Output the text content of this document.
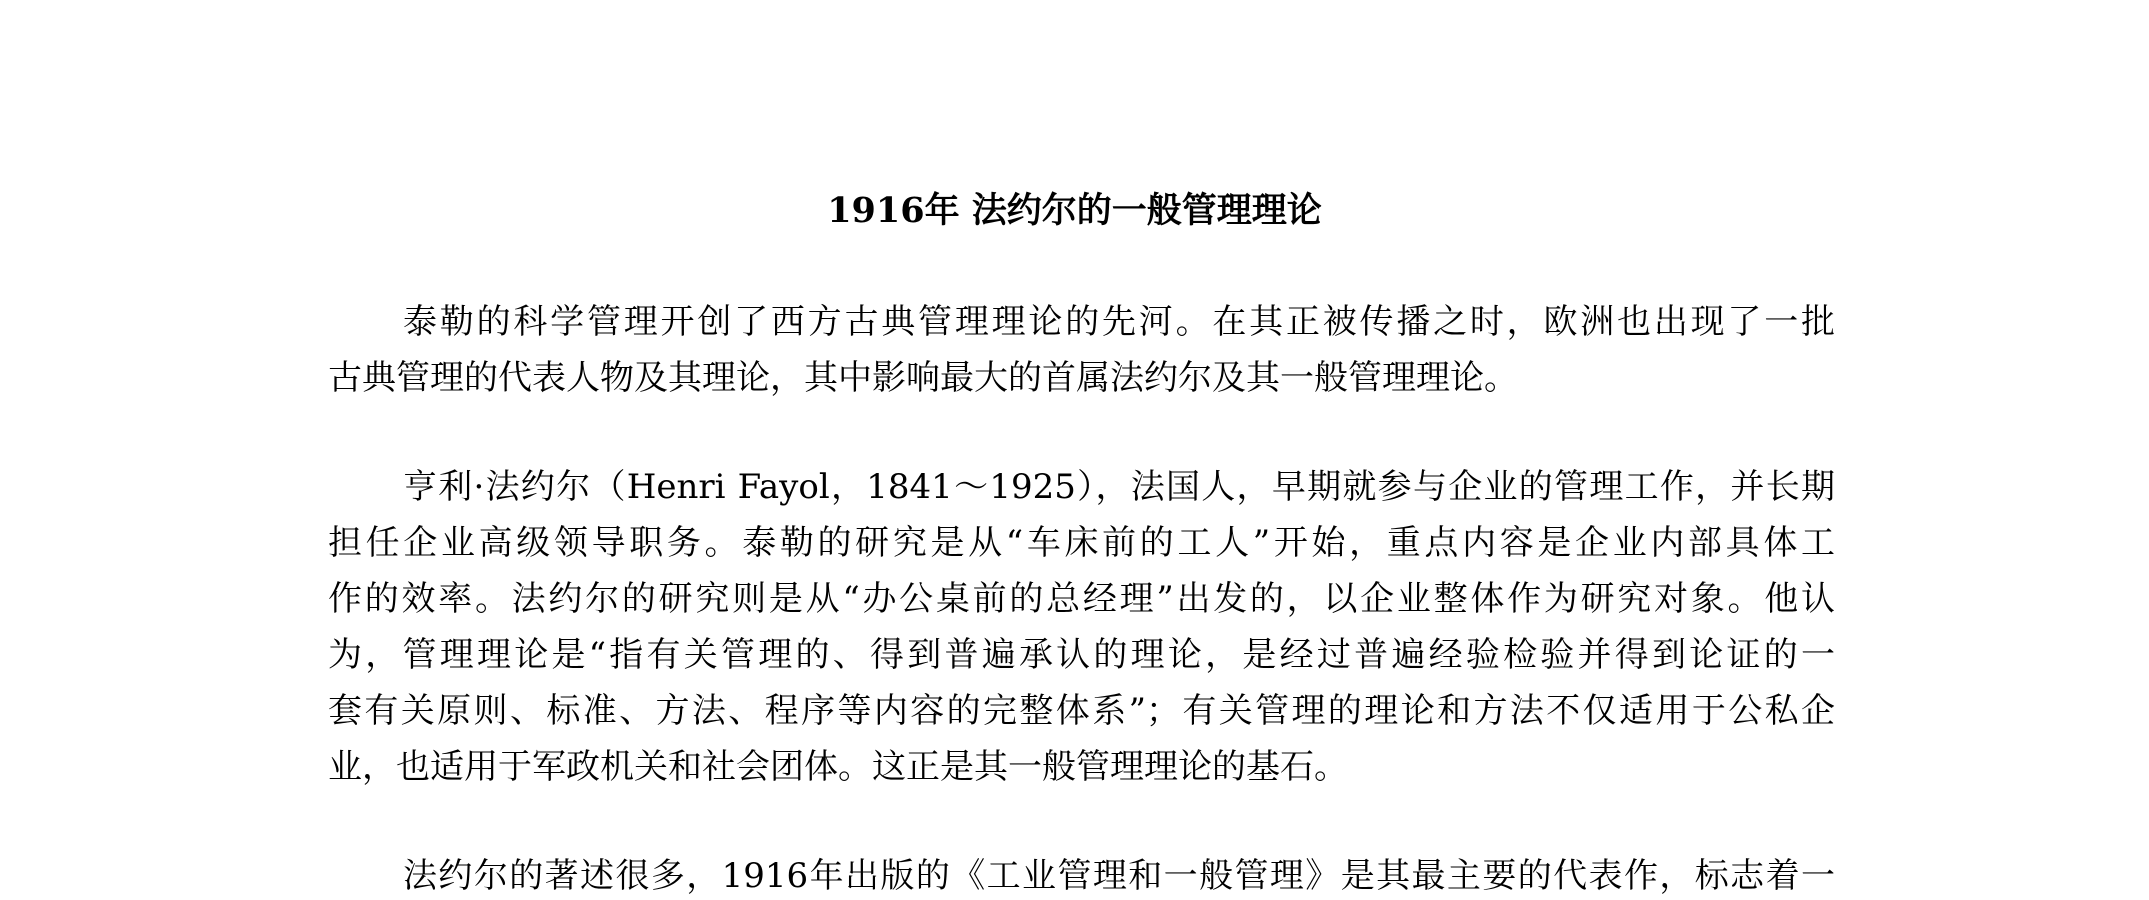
1916年 法约尔的一般管理理论
泰勒的科学管理开创了西方古典管理理论的先河。在其正被传播之时，欧洲也出现了一批
古典管理的代表人物及其理论，其中影响最大的首属法约尔及其一般管理理论。
亨利·法约尔（Henri Fayol，1841～1925），法国人，早期就参与企业的管理工作，并长期
担任企业高级领导职务。泰勒的研究是从“车床前的工人”开始，重点内容是企业内部具体工
作的效率。法约尔的研究则是从“办公桌前的总经理”出发的，以企业整体作为研究对象。他认
为，管理理论是“指有关管理的、得到普遍承认的理论，是经过普遍经验检验并得到论证的一
套有关原则、标准、方法、程序等内容的完整体系”；有关管理的理论和方法不仅适用于公私企
业，也适用于军政机关和社会团体。这正是其一般管理理论的基石。
法约尔的著述很多，1916年出版的《工业管理和一般管理》是其最主要的代表作，标志着一
